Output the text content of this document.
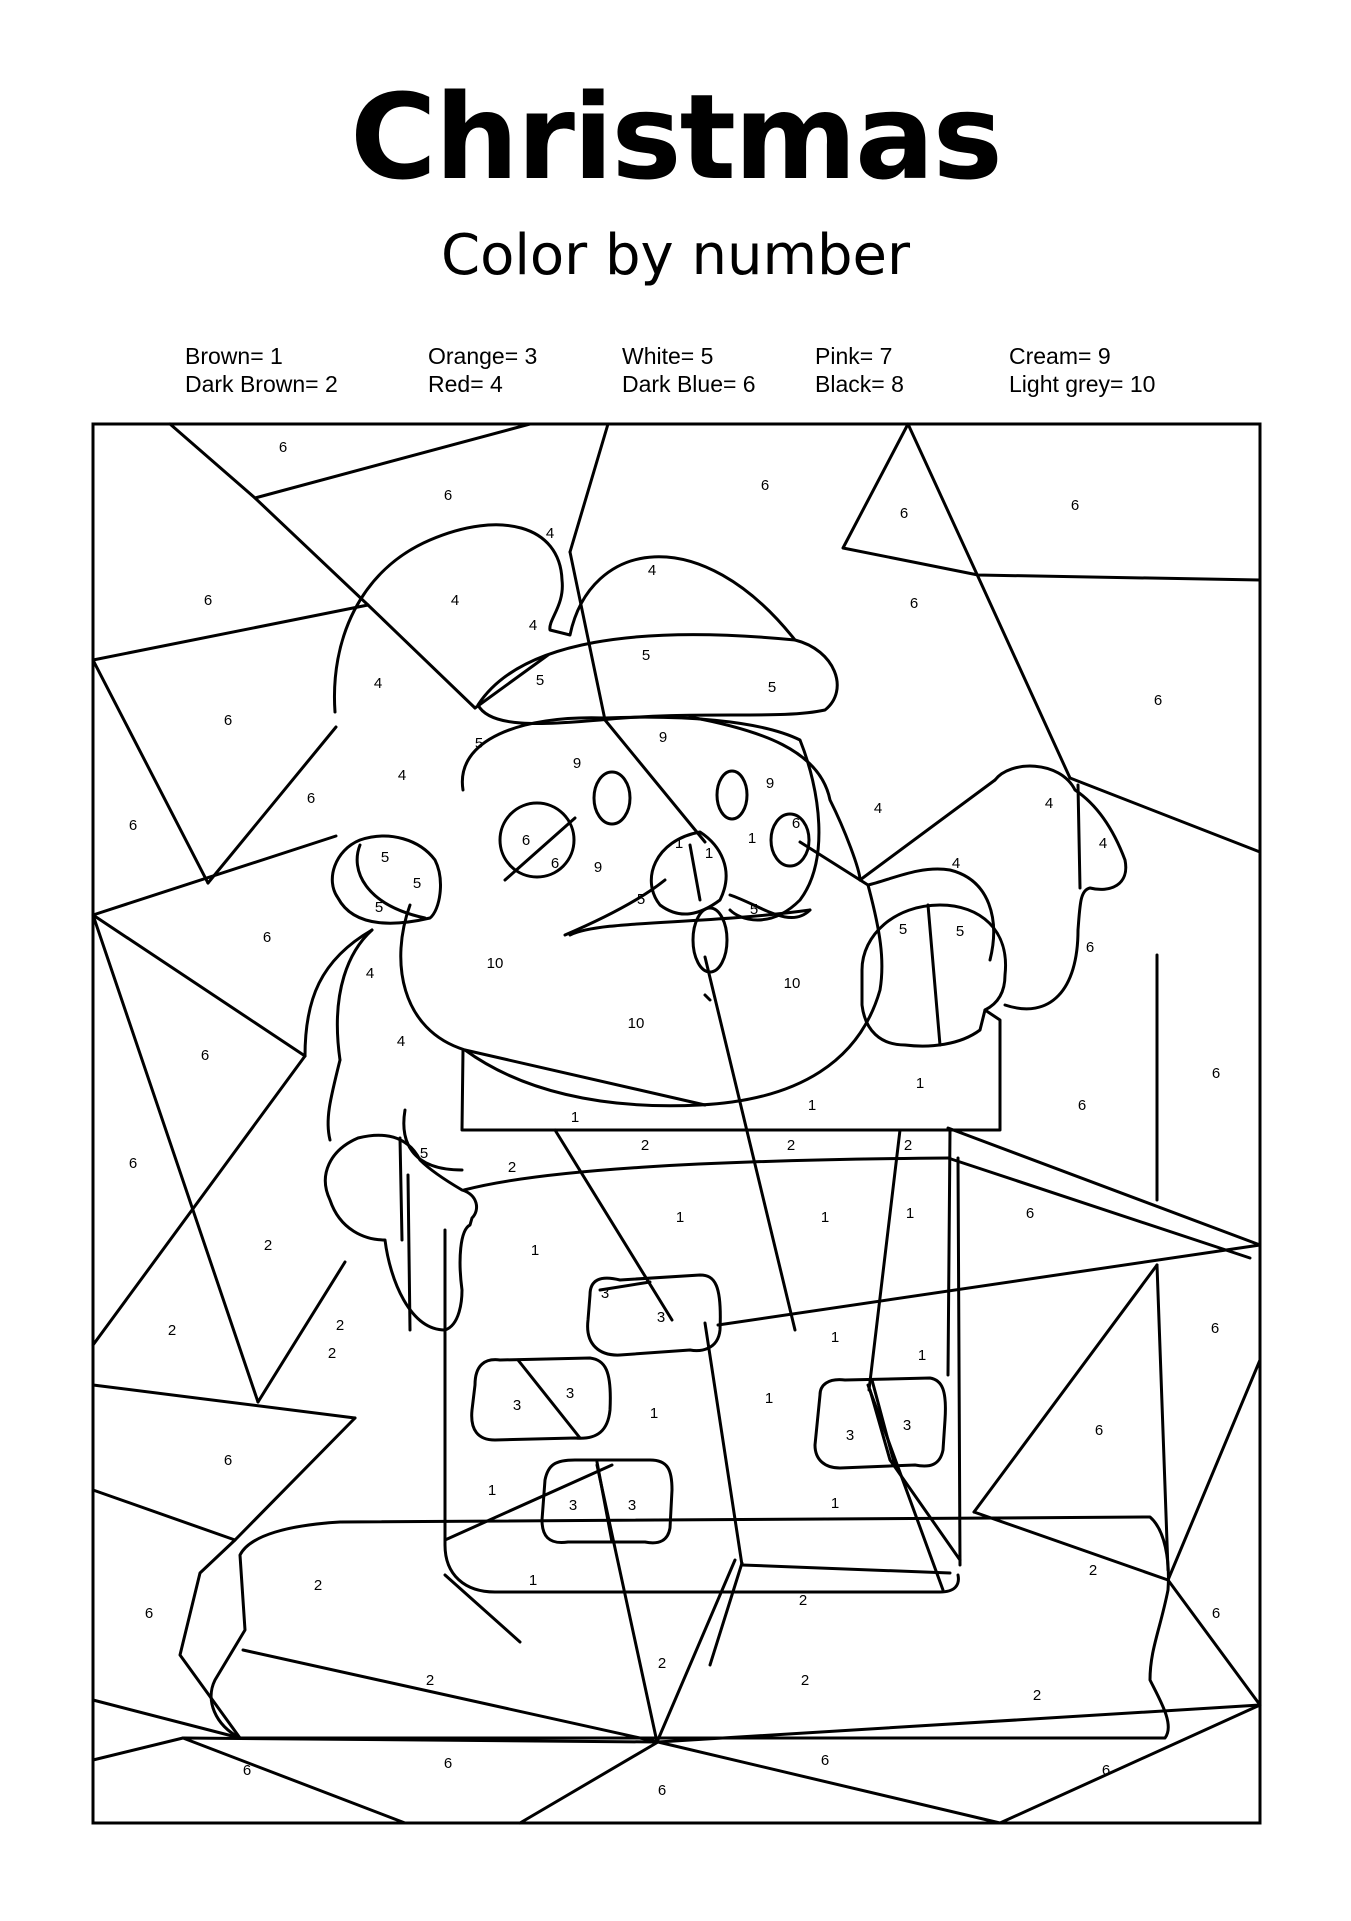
Christmas
Color by number
Brown= 1
Dark Brown= 2
Orange= 3
Red= 4
White= 5
Dark Blue= 6
Pink= 7
Black= 8
Cream= 9
Light grey= 10
6
6
6
6	6
6
4
4
4
4
4
4
4
4
4
4
4
4
5
5	5
5
5
5
5	5
5
5	5
5
9
9
9
9
6
6
6
6
1
1
1
10
10
10
2
2	2	2
1
1
1
6
6
6
6
2
2
2
2
2
1	1	1
3
3
3
3
3	3
3
3
1
1
1
1
1
1
1
1
2
2
2
2
2
2
6
6
6
6
6
6
6
6
6
6
6
6
6	6	6
6
6
